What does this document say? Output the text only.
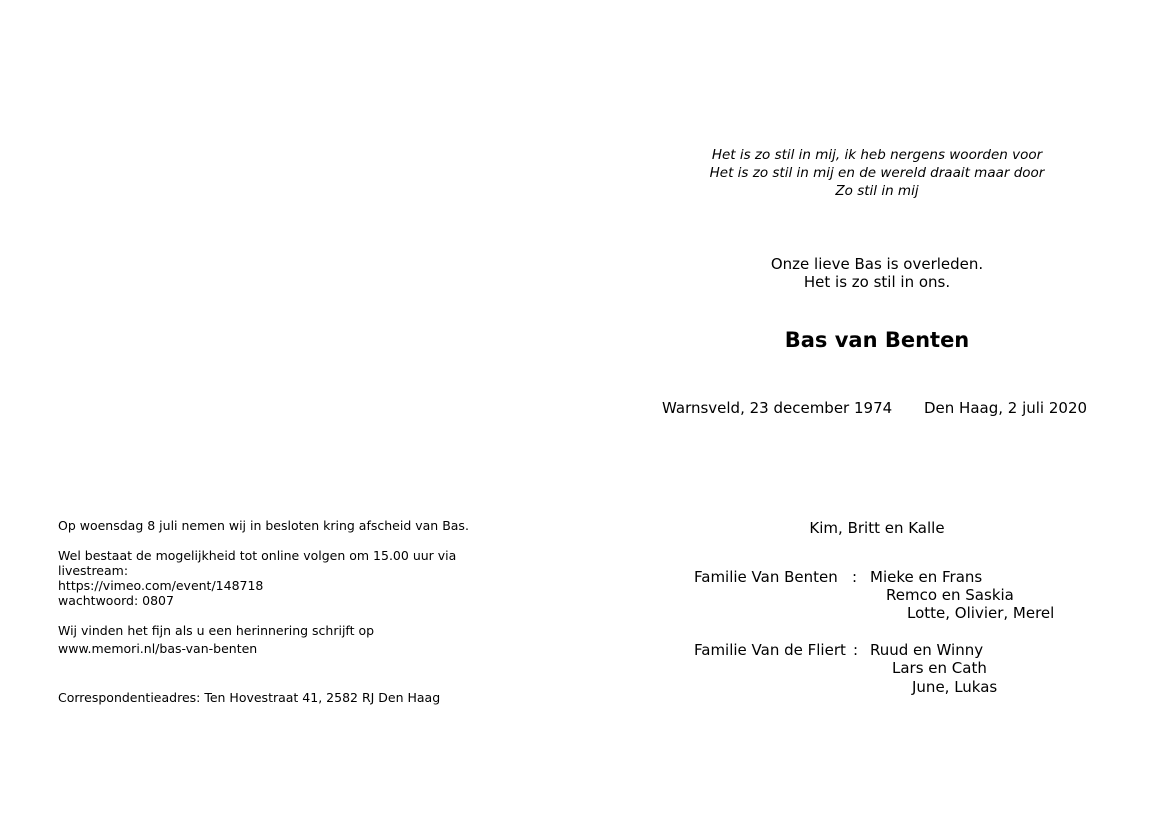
Op woensdag 8 juli nemen wij in besloten kring afscheid van Bas.
Wel bestaat de mogelijkheid tot online volgen om 15.00 uur via
livestream:
https://vimeo.com/event/148718
wachtwoord: 0807
Wij vinden het fijn als u een herinnering schrijft op
www.memori.nl/bas-van-benten
Correspondentieadres: Ten Hovestraat 41, 2582 RJ Den Haag
Het is zo stil in mij, ik heb nergens woorden voor
Het is zo stil in mij en de wereld draait maar door
Zo stil in mij
Onze lieve Bas is overleden.
Het is zo stil in ons.
Bas van Benten
Warnsveld, 23 december 1974 Den Haag, 2 juli 2020
Kim, Britt en Kalle
Familie Van Benten : Mieke en Frans
Remco en Saskia
Lotte, Olivier, Merel
Familie Van de Fliert : Ruud en Winny
Lars en Cath
June, Lukas
